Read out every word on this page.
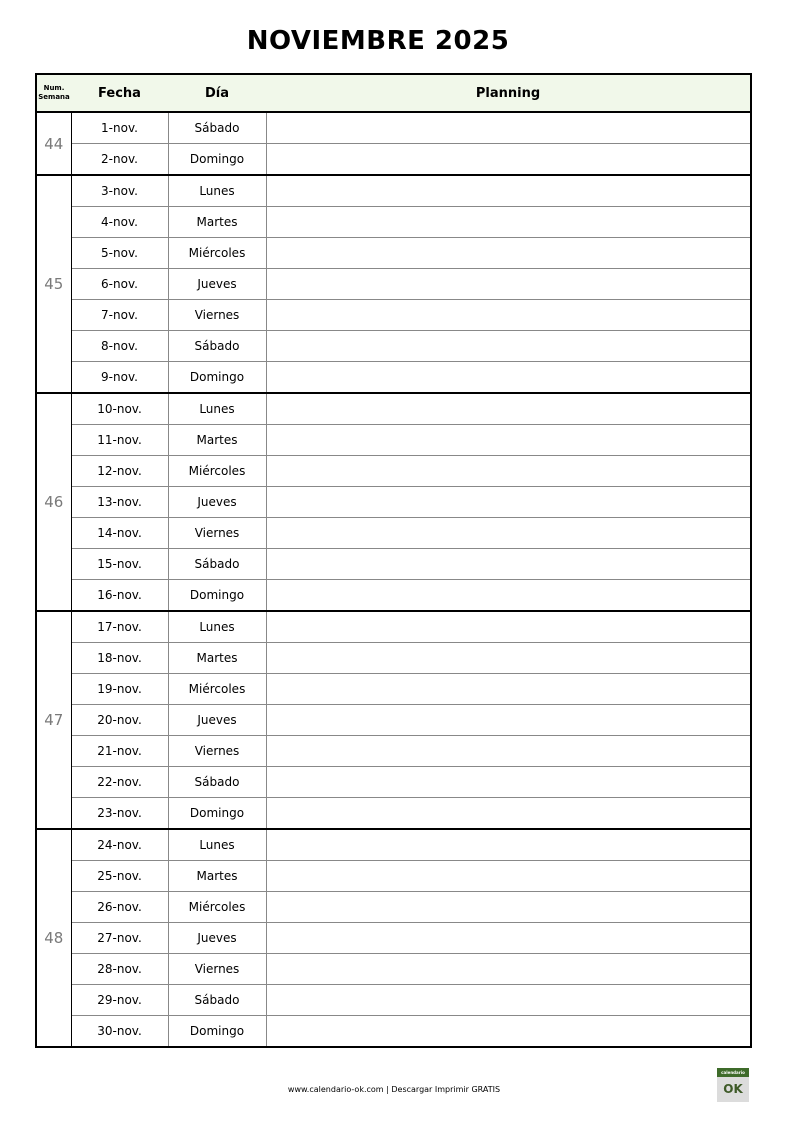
NOVIEMBRE 2025
Num.
Semana	Fecha	Día	Planning
44	1-nov.	Sábado	
	2-nov.	Domingo	
45	3-nov.	Lunes	
	4-nov.	Martes	
	5-nov.	Miércoles	
	6-nov.	Jueves	
	7-nov.	Viernes	
	8-nov.	Sábado	
	9-nov.	Domingo	
46	10-nov.	Lunes	
	11-nov.	Martes	
	12-nov.	Miércoles	
	13-nov.	Jueves	
	14-nov.	Viernes	
	15-nov.	Sábado	
	16-nov.	Domingo	
47	17-nov.	Lunes	
	18-nov.	Martes	
	19-nov.	Miércoles	
	20-nov.	Jueves	
	21-nov.	Viernes	
	22-nov.	Sábado	
	23-nov.	Domingo	
48	24-nov.	Lunes	
	25-nov.	Martes	
	26-nov.	Miércoles	
	27-nov.	Jueves	
	28-nov.	Viernes	
	29-nov.	Sábado	
	30-nov.	Domingo	
www.calendario-ok.com | Descargar Imprimir GRATIS
calendario
OK
